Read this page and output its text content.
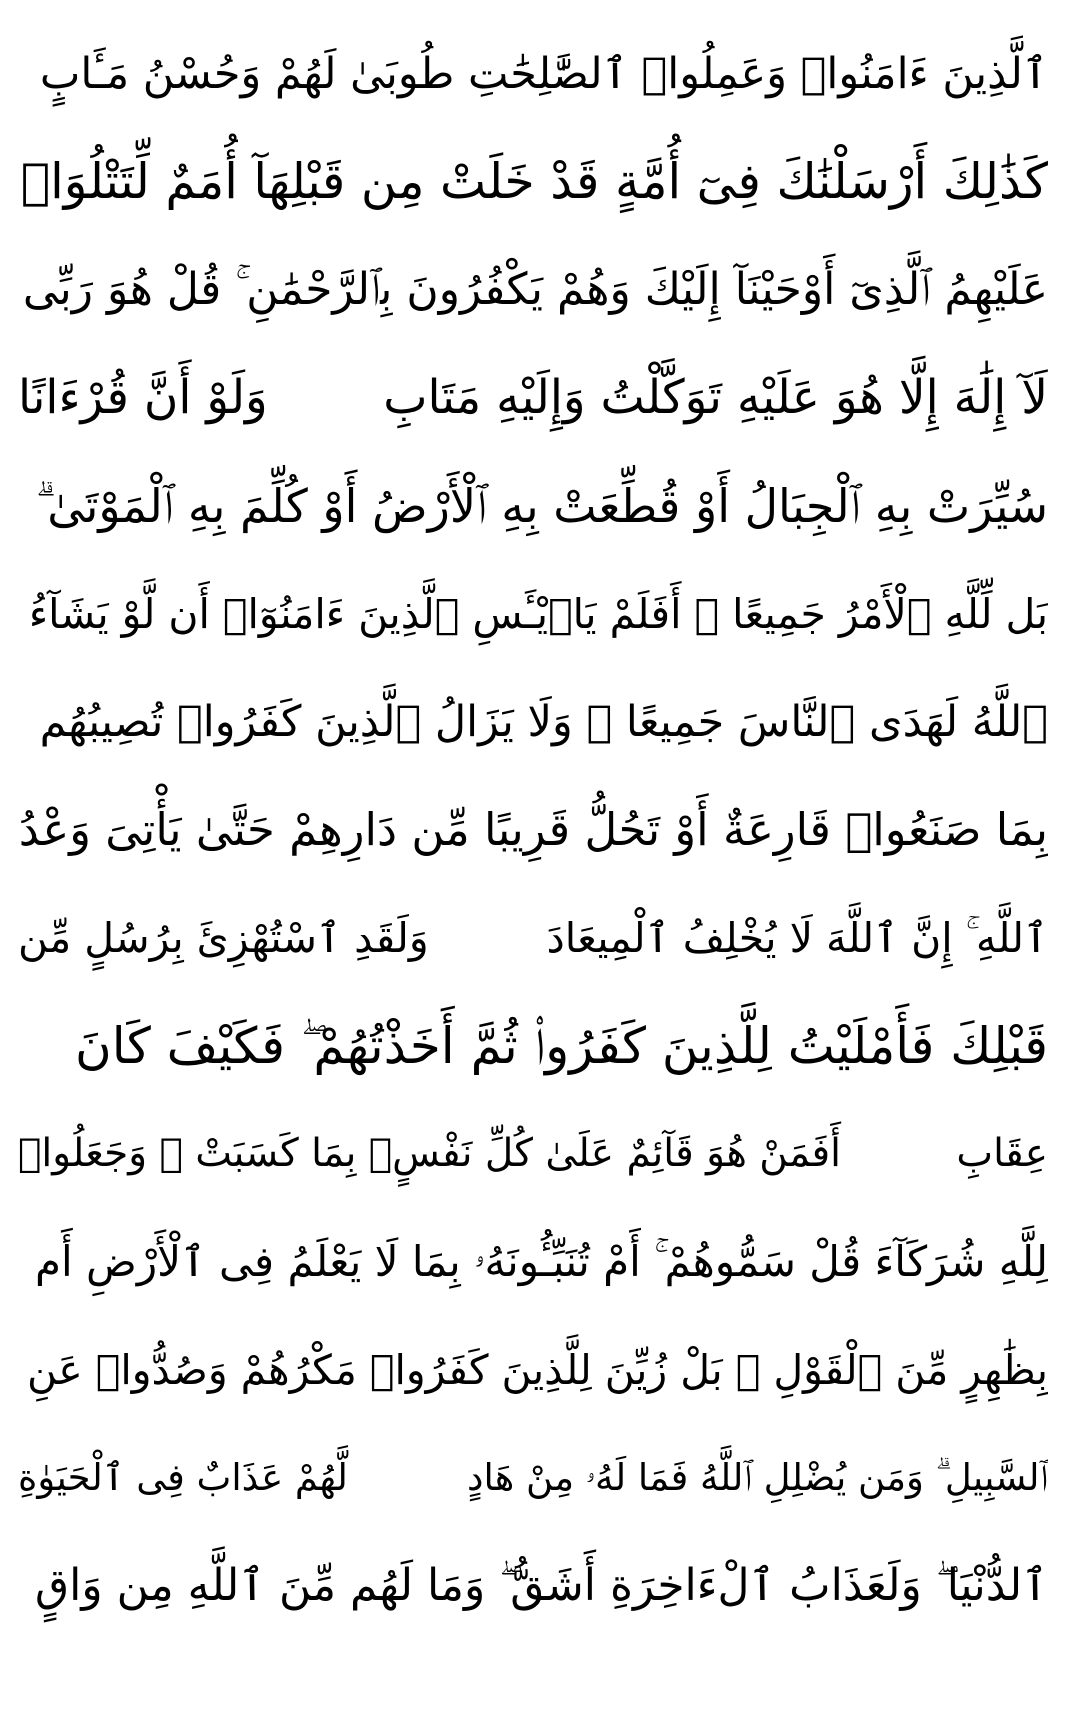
ٱلَّذِينَ ءَامَنُوا۟ وَعَمِلُوا۟ ٱلصَّٰلِحَٰتِ طُوبَىٰ لَهُمْ وَحُسْنُ مَـَٔابٍ
كَذَٰلِكَ أَرْسَلْنَٰكَ فِىٓ أُمَّةٍ قَدْ خَلَتْ مِن قَبْلِهَآ أُمَمٌ لِّتَتْلُوَا۟
عَلَيْهِمُ ٱلَّذِىٓ أَوْحَيْنَآ إِلَيْكَ وَهُمْ يَكْفُرُونَ بِٱلرَّحْمَٰنِ ۚ قُلْ هُوَ رَبِّى
لَآ إِلَٰهَ إِلَّا هُوَ عَلَيْهِ تَوَكَّلْتُ وَإِلَيْهِ مَتَابِ
وَلَوْ أَنَّ قُرْءَانًا
سُيِّرَتْ بِهِ ٱلْجِبَالُ أَوْ قُطِّعَتْ بِهِ ٱلْأَرْضُ أَوْ كُلِّمَ بِهِ ٱلْمَوْتَىٰ ۗ
بَل لِّلَّهِ ٱلْأَمْرُ جَمِيعًا ۗ أَفَلَمْ يَا۟يْـَٔسِ ٱلَّذِينَ ءَامَنُوٓا۟ أَن لَّوْ يَشَآءُ
ٱللَّهُ لَهَدَى ٱلنَّاسَ جَمِيعًا ۗ وَلَا يَزَالُ ٱلَّذِينَ كَفَرُوا۟ تُصِيبُهُم
بِمَا صَنَعُوا۟ قَارِعَةٌ أَوْ تَحُلُّ قَرِيبًا مِّن دَارِهِمْ حَتَّىٰ يَأْتِىَ وَعْدُ
ٱللَّهِ ۚ إِنَّ ٱللَّهَ لَا يُخْلِفُ ٱلْمِيعَادَ
وَلَقَدِ ٱسْتُهْزِئَ بِرُسُلٍ مِّن
قَبْلِكَ فَأَمْلَيْتُ لِلَّذِينَ كَفَرُوا۟ ثُمَّ أَخَذْتُهُمْ ۖ فَكَيْفَ كَانَ
عِقَابِ
أَفَمَنْ هُوَ قَآئِمٌ عَلَىٰ كُلِّ نَفْسٍۭ بِمَا كَسَبَتْ ۗ وَجَعَلُوا۟
لِلَّهِ شُرَكَآءَ قُلْ سَمُّوهُمْ ۚ أَمْ تُنَبِّـُٔونَهُۥ بِمَا لَا يَعْلَمُ فِى ٱلْأَرْضِ أَم
بِظَٰهِرٍ مِّنَ ٱلْقَوْلِ ۗ بَلْ زُيِّنَ لِلَّذِينَ كَفَرُوا۟ مَكْرُهُمْ وَصُدُّوا۟ عَنِ
ٱلسَّبِيلِ ۗ وَمَن يُضْلِلِ ٱللَّهُ فَمَا لَهُۥ مِنْ هَادٍ
لَّهُمْ عَذَابٌ فِى ٱلْحَيَوٰةِ
ٱلدُّنْيَا ۖ وَلَعَذَابُ ٱلْءَاخِرَةِ أَشَقُّ ۖ وَمَا لَهُم مِّنَ ٱللَّهِ مِن وَاقٍ
